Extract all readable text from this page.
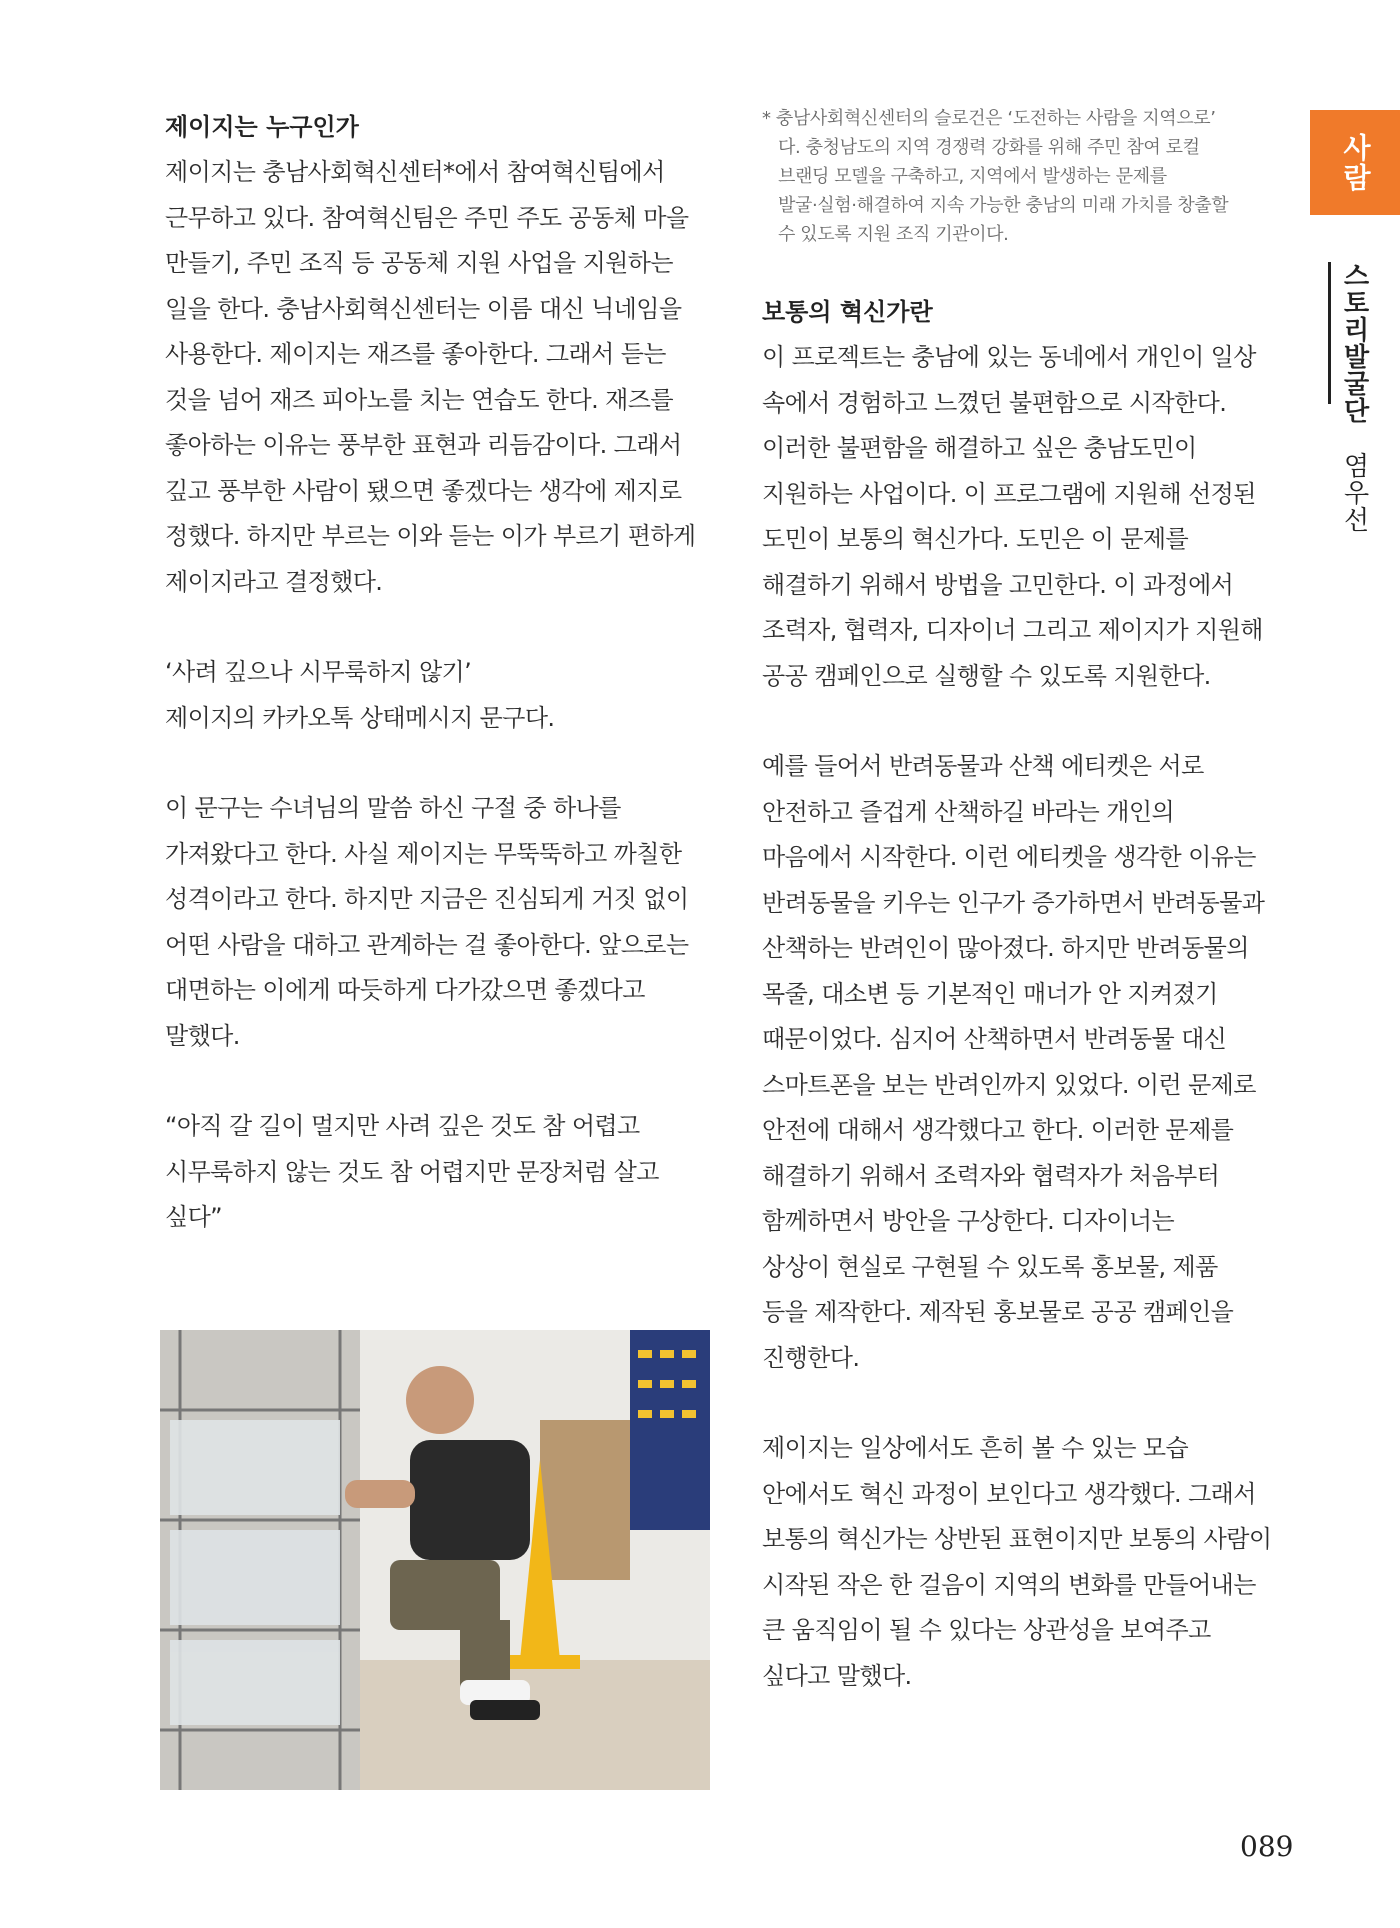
사람
스토리발굴단 염우선
제이지는 누구인가

제이지는 충남사회혁신센터*에서 참여혁신팀에서
근무하고 있다. 참여혁신팀은 주민 주도 공동체 마을
만들기, 주민 조직 등 공동체 지원 사업을 지원하는
일을 한다. 충남사회혁신센터는 이름 대신 닉네임을
사용한다. 제이지는 재즈를 좋아한다. 그래서 듣는
것을 넘어 재즈 피아노를 치는 연습도 한다. 재즈를
좋아하는 이유는 풍부한 표현과 리듬감이다. 그래서
깊고 풍부한 사람이 됐으면 좋겠다는 생각에 제지로
정했다. 하지만 부르는 이와 듣는 이가 부르기 편하게
제이지라고 결정했다.

‘사려 깊으나 시무룩하지 않기’
제이지의 카카오톡 상태메시지 문구다.

이 문구는 수녀님의 말씀 하신 구절 중 하나를
가져왔다고 한다. 사실 제이지는 무뚝뚝하고 까칠한
성격이라고 한다. 하지만 지금은 진심되게 거짓 없이
어떤 사람을 대하고 관계하는 걸 좋아한다. 앞으로는
대면하는 이에게 따듯하게 다가갔으면 좋겠다고
말했다.

“아직 갈 길이 멀지만 사려 깊은 것도 참 어렵고
시무룩하지 않는 것도 참 어렵지만 문장처럼 살고
싶다”

* 충남사회혁신센터의 슬로건은 ‘도전하는 사람을 지역으로’
다. 충청남도의 지역 경쟁력 강화를 위해 주민 참여 로컬
브랜딩 모델을 구축하고, 지역에서 발생하는 문제를
발굴·실험·해결하여 지속 가능한 충남의 미래 가치를 창출할
수 있도록 지원 조직 기관이다.

보통의 혁신가란

이 프로젝트는 충남에 있는 동네에서 개인이 일상
속에서 경험하고 느꼈던 불편함으로 시작한다.
이러한 불편함을 해결하고 싶은 충남도민이
지원하는 사업이다. 이 프로그램에 지원해 선정된
도민이 보통의 혁신가다. 도민은 이 문제를
해결하기 위해서 방법을 고민한다. 이 과정에서
조력자, 협력자, 디자이너 그리고 제이지가 지원해
공공 캠페인으로 실행할 수 있도록 지원한다.

예를 들어서 반려동물과 산책 에티켓은 서로
안전하고 즐겁게 산책하길 바라는 개인의
마음에서 시작한다. 이런 에티켓을 생각한 이유는
반려동물을 키우는 인구가 증가하면서 반려동물과
산책하는 반려인이 많아졌다. 하지만 반려동물의
목줄, 대소변 등 기본적인 매너가 안 지켜졌기
때문이었다. 심지어 산책하면서 반려동물 대신
스마트폰을 보는 반려인까지 있었다. 이런 문제로
안전에 대해서 생각했다고 한다. 이러한 문제를
해결하기 위해서 조력자와 협력자가 처음부터
함께하면서 방안을 구상한다. 디자이너는
상상이 현실로 구현될 수 있도록 홍보물, 제품
등을 제작한다. 제작된 홍보물로 공공 캠페인을
진행한다.

제이지는 일상에서도 흔히 볼 수 있는 모습
안에서도 혁신 과정이 보인다고 생각했다. 그래서
보통의 혁신가는 상반된 표현이지만 보통의 사람이
시작된 작은 한 걸음이 지역의 변화를 만들어내는
큰 움직임이 될 수 있다는 상관성을 보여주고
싶다고 말했다.

089
